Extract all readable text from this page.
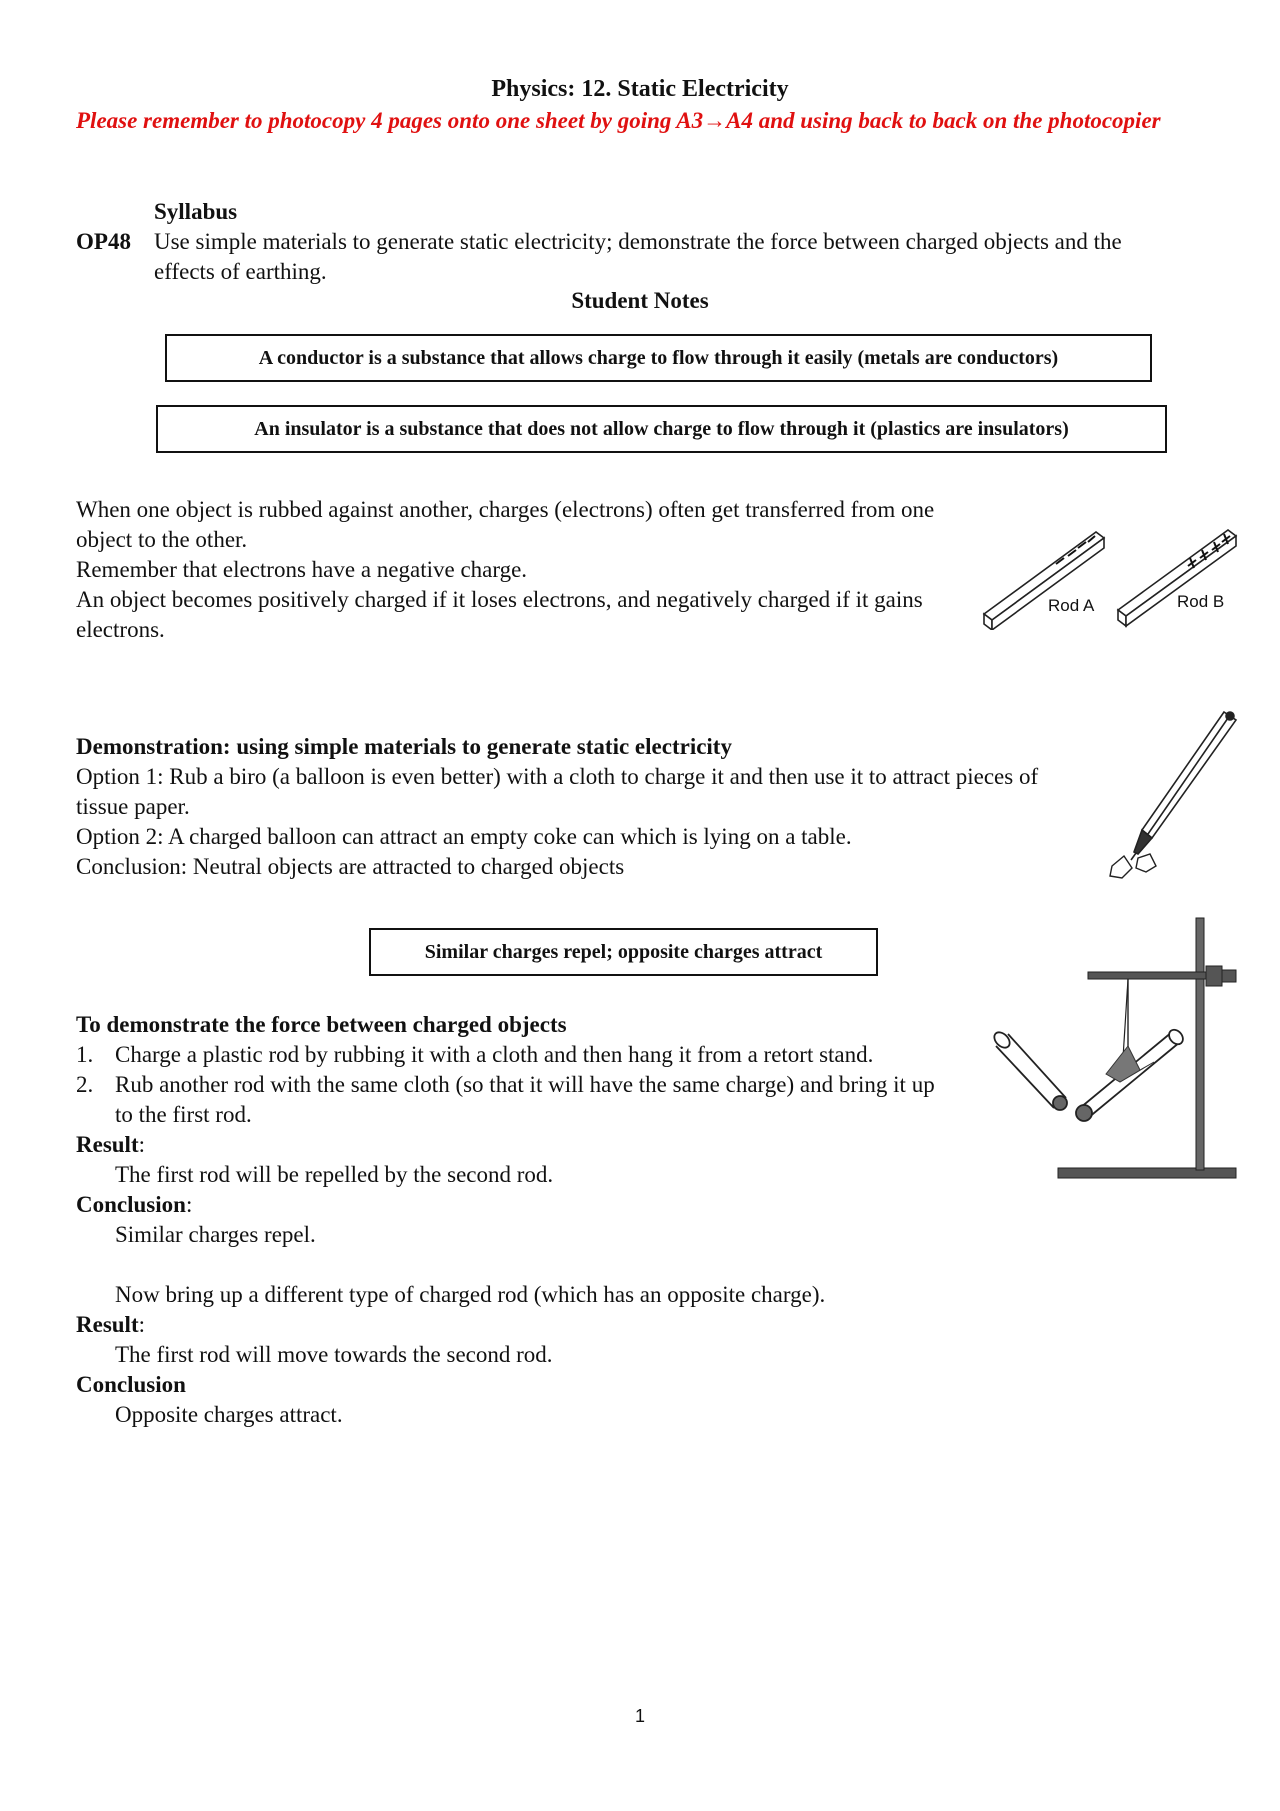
Physics: 12. Static Electricity
Please remember to photocopy 4 pages onto one sheet by going A3→A4 and using back to back on the photocopier
Syllabus
OP48 Use simple materials to generate static electricity; demonstrate the force between charged objects and the effects of earthing.
Student Notes
A conductor is a substance that allows charge to flow through it easily (metals are conductors)
An insulator is a substance that does not allow charge to flow through it (plastics are insulators)
When one object is rubbed against another, charges (electrons) often get transferred from one object to the other.
Remember that electrons have a negative charge.
An object becomes positively charged if it loses electrons, and negatively charged if it gains electrons.
Rod A	Rod B
Demonstration: using simple materials to generate static electricity
Option 1: Rub a biro (a balloon is even better) with a cloth to charge it and then use it to attract pieces of tissue paper.
Option 2: A charged balloon can attract an empty coke can which is lying on a table.
Conclusion: Neutral objects are attracted to charged objects
Similar charges repel; opposite charges attract
To demonstrate the force between charged objects
1. Charge a plastic rod by rubbing it with a cloth and then hang it from a retort stand.
2. Rub another rod with the same cloth (so that it will have the same charge) and bring it up to the first rod.
Result:
The first rod will be repelled by the second rod.
Conclusion:
Similar charges repel.
Now bring up a different type of charged rod (which has an opposite charge).
Result:
The first rod will move towards the second rod.
Conclusion
Opposite charges attract.
1
